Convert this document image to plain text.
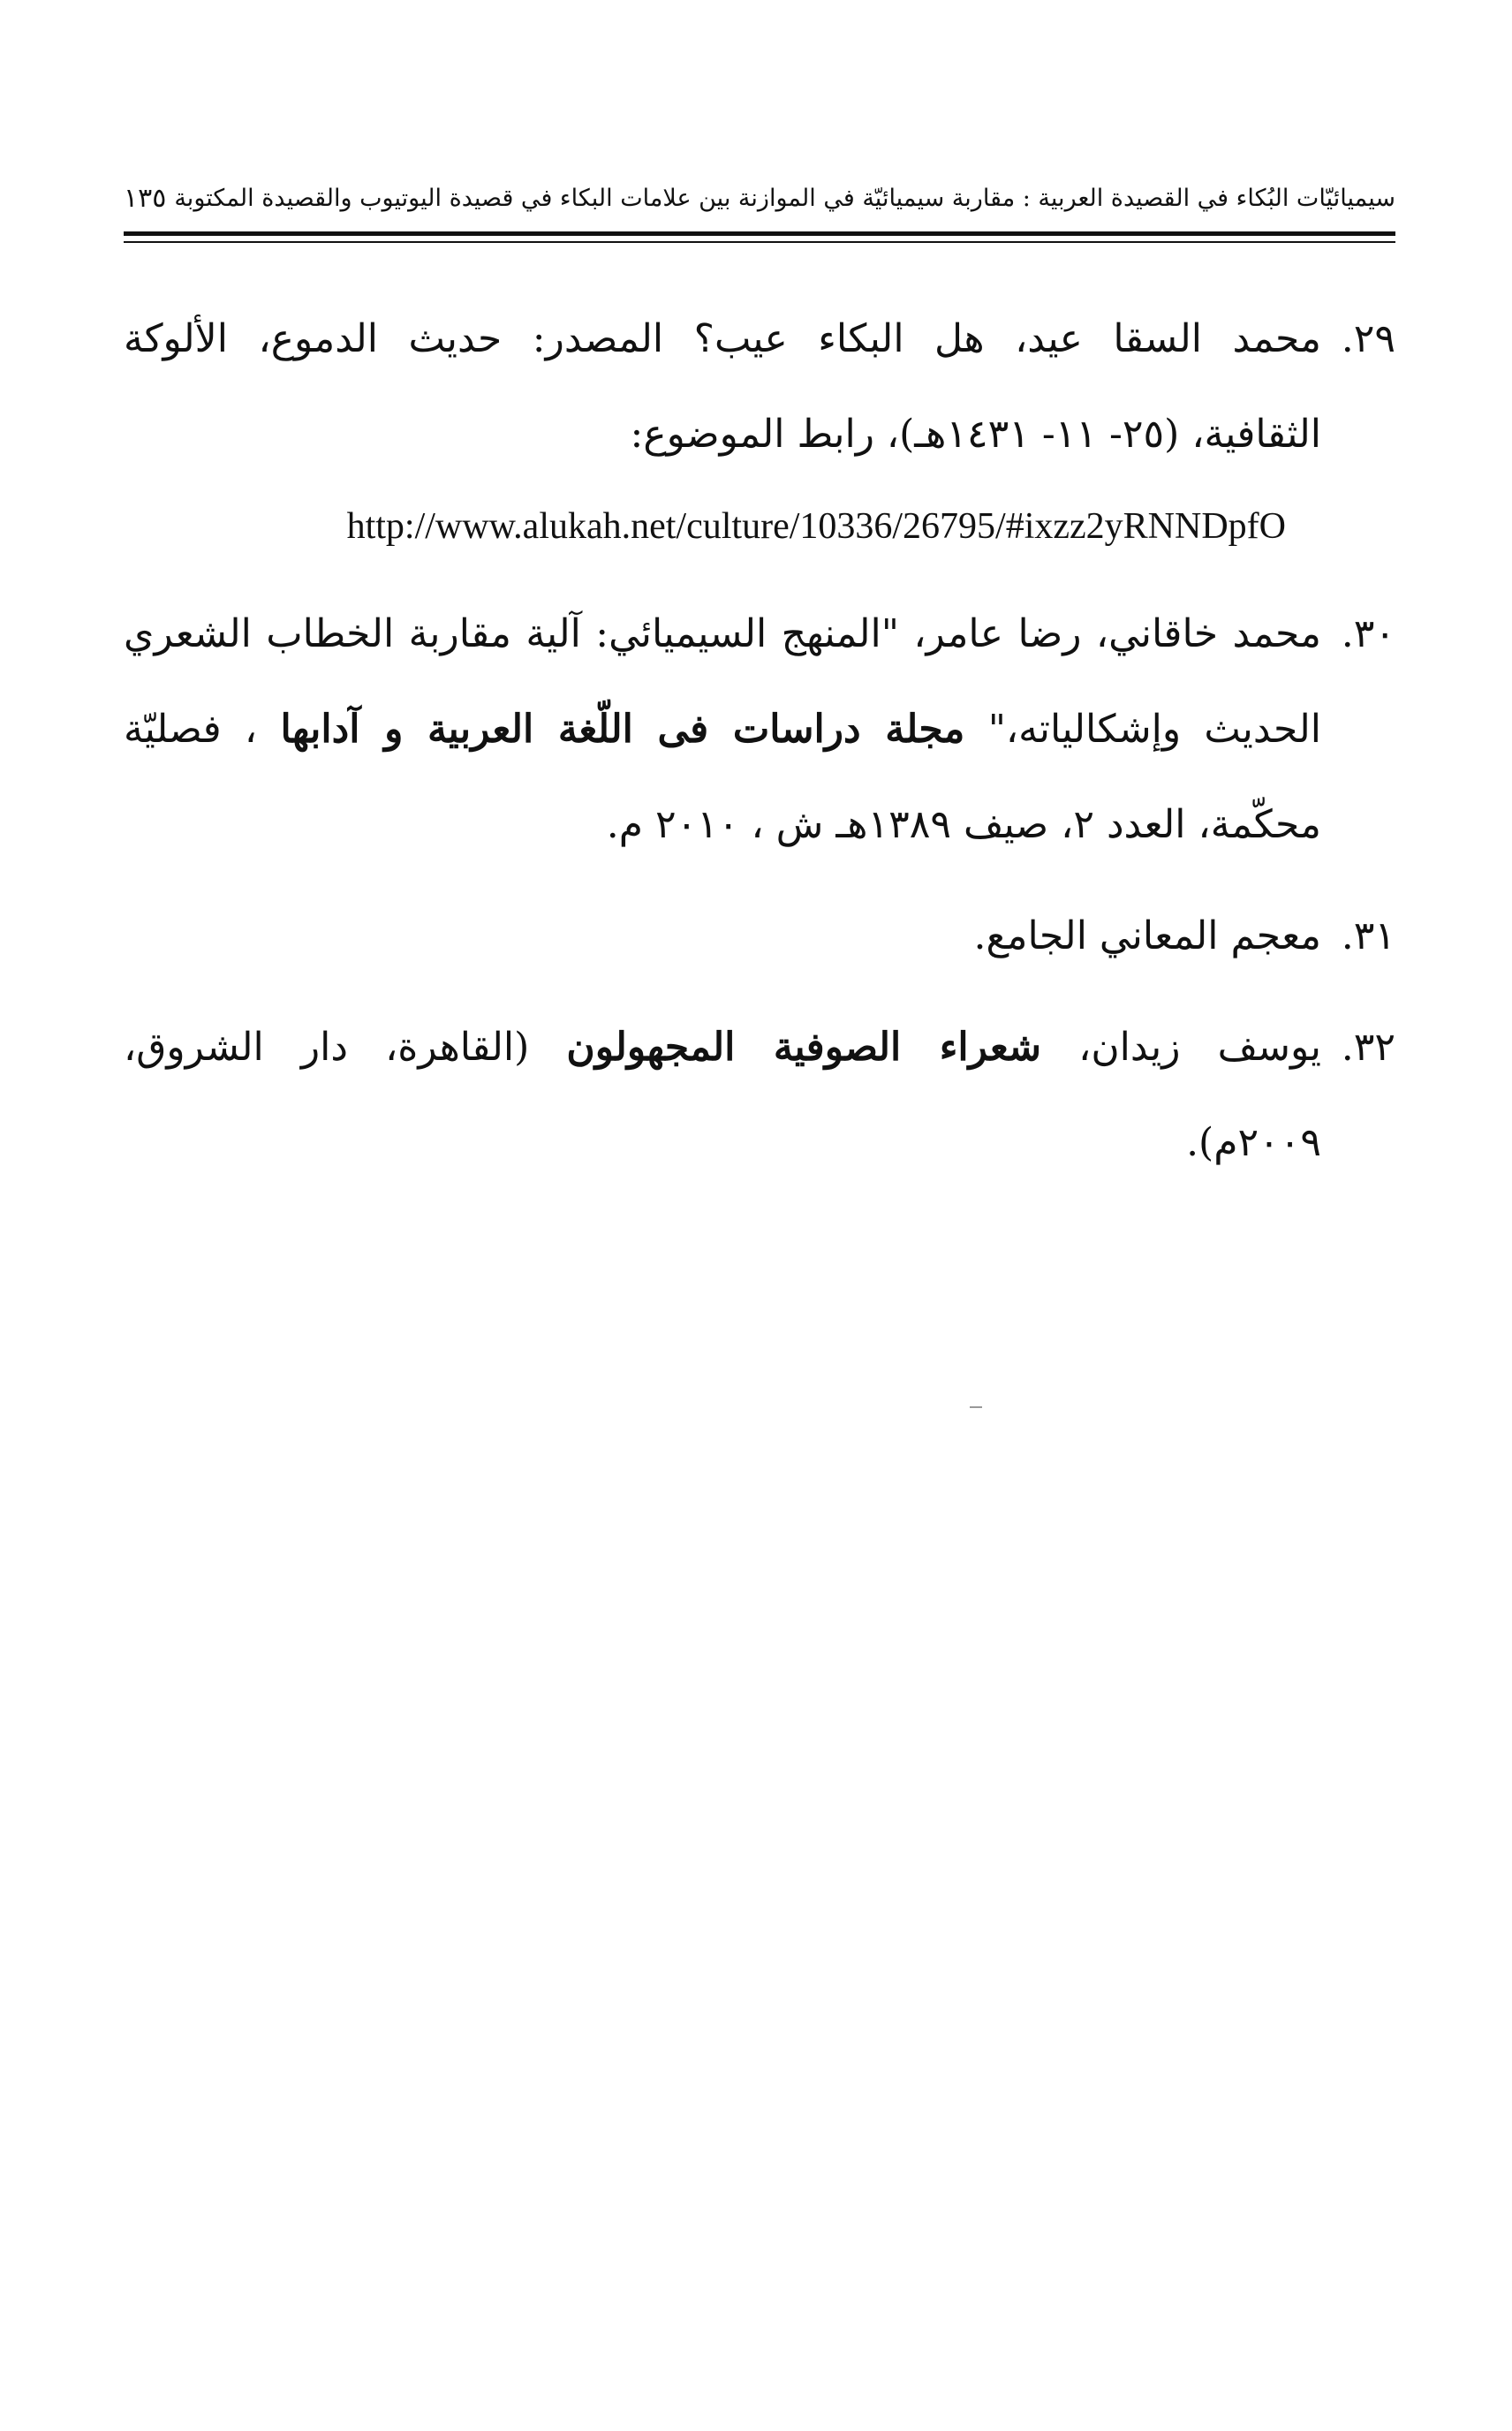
سيميائيّات البُكاء في القصيدة العربية : مقاربة سيميائيّة في الموازنة بين علامات البكاء في قصيدة اليوتيوب والقصيدة المكتوبة
١٣٥
٢٩.
محمد السقا عيد، هل البكاء عيب؟ المصدر: حديث الدموع، الألوكة
الثقافية، (٢٥- ١١- ١٤٣١هـ)، رابط الموضوع:
http://www.alukah.net/culture/10336/26795/#ixzz2yRNNDpfO
٣٠.
محمد خاقاني، رضا عامر، "المنهج السيميائي: آلية مقاربة الخطاب الشعري
الحديث وإشكالياته،" مجلة دراسات فى اللّغة العربية و آدابها ، فصليّة
محكّمة، العدد ٢، صيف ١٣٨٩هـ ش ، ٢٠١٠ م.
٣١.
معجم المعاني الجامع.
٣٢.
يوسف زيدان، شعراء الصوفية المجهولون (القاهرة، دار الشروق،
٢٠٠٩م).
